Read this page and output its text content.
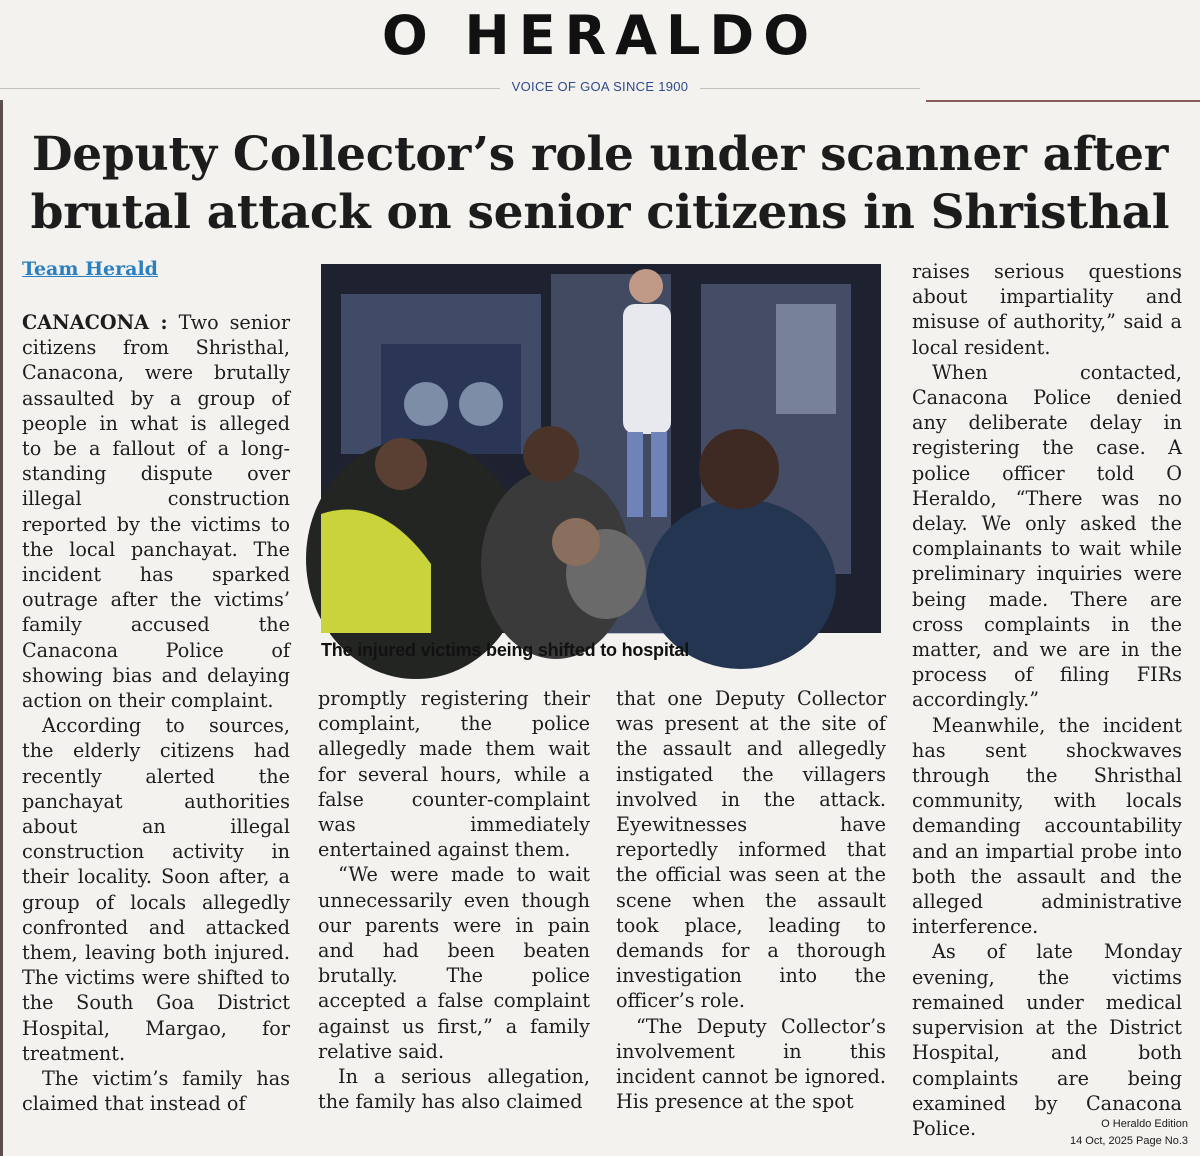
O HERALDO
VOICE OF GOA SINCE 1900
Deputy Collector’s role under scanner after
brutal attack on senior citizens in Shristhal
Team Herald

CANACONA : Two senior citizens from Shristhal, Canacona, were brutally assaulted by a group of people in what is alleged to be a fallout of a long-standing dispute over illegal construction reported by the victims to the local panchayat. The incident has sparked outrage after the victims’ family accused the Canacona Police of showing bias and delaying action on their complaint.

According to sources, the elderly citizens had recently alerted the panchayat authorities about an illegal construction activity in their locality. Soon after, a group of locals allegedly confronted and attacked them, leaving both injured. The victims were shifted to the South Goa District Hospital, Margao, for treatment.

The victim’s family has claimed that instead of

The injured victims being shifted to hospital

promptly registering their complaint, the police allegedly made them wait for several hours, while a false counter-complaint was immediately entertained against them.

“We were made to wait unnecessarily even though our parents were in pain and had been beaten brutally. The police accepted a false complaint against us first,” a family relative said.

In a serious allegation, the family has also claimed

that one Deputy Collector was present at the site of the assault and allegedly instigated the villagers involved in the attack. Eyewitnesses have reportedly informed that the official was seen at the scene when the assault took place, leading to demands for a thorough investigation into the officer’s role.

“The Deputy Collector’s involvement in this incident cannot be ignored. His presence at the spot

raises serious questions about impartiality and misuse of authority,” said a local resident.

When contacted, Canacona Police denied any deliberate delay in registering the case. A police officer told O Heraldo, “There was no delay. We only asked the complainants to wait while preliminary inquiries were being made. There are cross complaints in the matter, and we are in the process of filing FIRs accordingly.”

Meanwhile, the incident has sent shockwaves through the Shristhal community, with locals demanding accountability and an impartial probe into both the assault and the alleged administrative interference.

As of late Monday evening, the victims remained under medical supervision at the District Hospital, and both complaints are being examined by Canacona Police.	O Heraldo Edition
14 Oct, 2025 Page No.3
